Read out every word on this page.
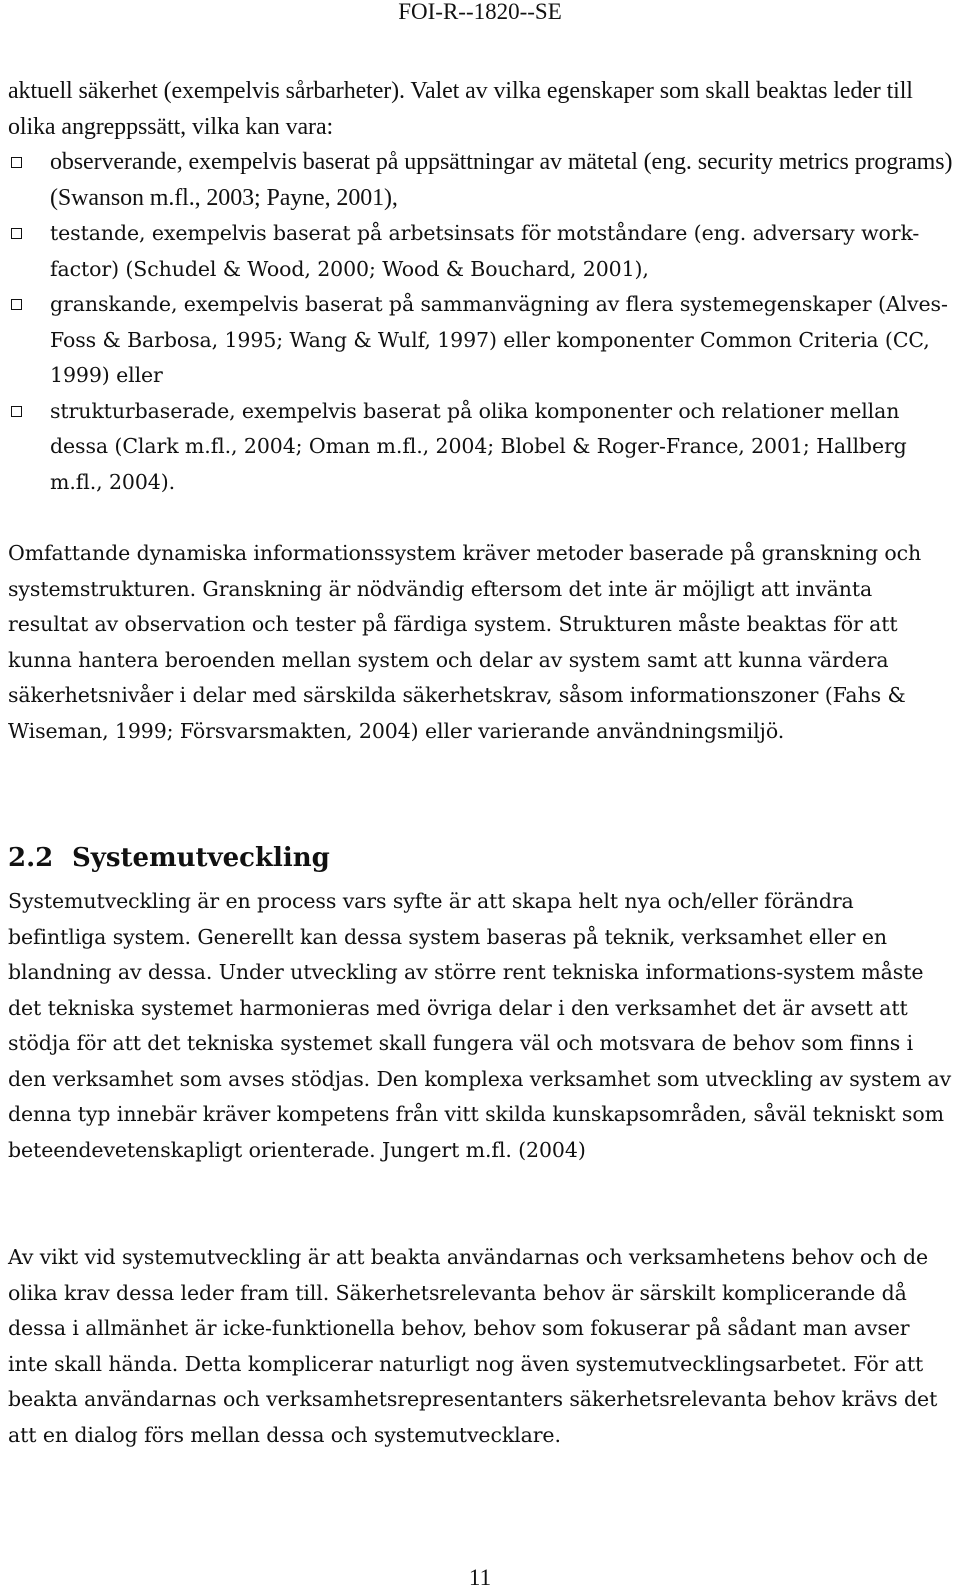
FOI-R--1820--SE

aktuell säkerhet (exempelvis sårbarheter). Valet av vilka egenskaper som skall beaktas leder till olika angreppssätt, vilka kan vara:

observerande, exempelvis baserat på uppsättningar av mätetal (eng. security metrics programs) (Swanson m.fl., 2003; Payne, 2001),
testande, exempelvis baserat på arbetsinsats för motståndare (eng. adversary work-factor) (Schudel & Wood, 2000; Wood & Bouchard, 2001),
granskande, exempelvis baserat på sammanvägning av flera systemegenskaper (Alves-Foss & Barbosa, 1995; Wang & Wulf, 1997) eller komponenter Common Criteria (CC, 1999) eller
strukturbaserade, exempelvis baserat på olika komponenter och relationer mellan dessa (Clark m.fl., 2004; Oman m.fl., 2004; Blobel & Roger-France, 2001; Hallberg m.fl., 2004).

Omfattande dynamiska informationssystem kräver metoder baserade på granskning och systemstrukturen. Granskning är nödvändig eftersom det inte är möjligt att invänta resultat av observation och tester på färdiga system. Strukturen måste beaktas för att kunna hantera beroenden mellan system och delar av system samt att kunna värdera säkerhetsnivåer i delar med särskilda säkerhetskrav, såsom informationszoner (Fahs & Wiseman, 1999; Försvarsmakten, 2004) eller varierande användningsmiljö.

2.2 Systemutveckling

Systemutveckling är en process vars syfte är att skapa helt nya och/eller förändra befintliga system. Generellt kan dessa system baseras på teknik, verksamhet eller en blandning av dessa. Under utveckling av större rent tekniska informations-system måste det tekniska systemet harmonieras med övriga delar i den verksamhet det är avsett att stödja för att det tekniska systemet skall fungera väl och motsvara de behov som finns i den verksamhet som avses stödjas. Den komplexa verksamhet som utveckling av system av denna typ innebär kräver kompetens från vitt skilda kunskapsområden, såväl tekniskt som beteendevetenskapligt orienterade. Jungert m.fl. (2004)

Av vikt vid systemutveckling är att beakta användarnas och verksamhetens behov och de olika krav dessa leder fram till. Säkerhetsrelevanta behov är särskilt komplicerande då dessa i allmänhet är icke-funktionella behov, behov som fokuserar på sådant man avser inte skall hända. Detta komplicerar naturligt nog även systemutvecklingsarbetet. För att beakta användarnas och verksamhetsrepresentanters säkerhetsrelevanta behov krävs det att en dialog förs mellan dessa och systemutvecklare.

11
